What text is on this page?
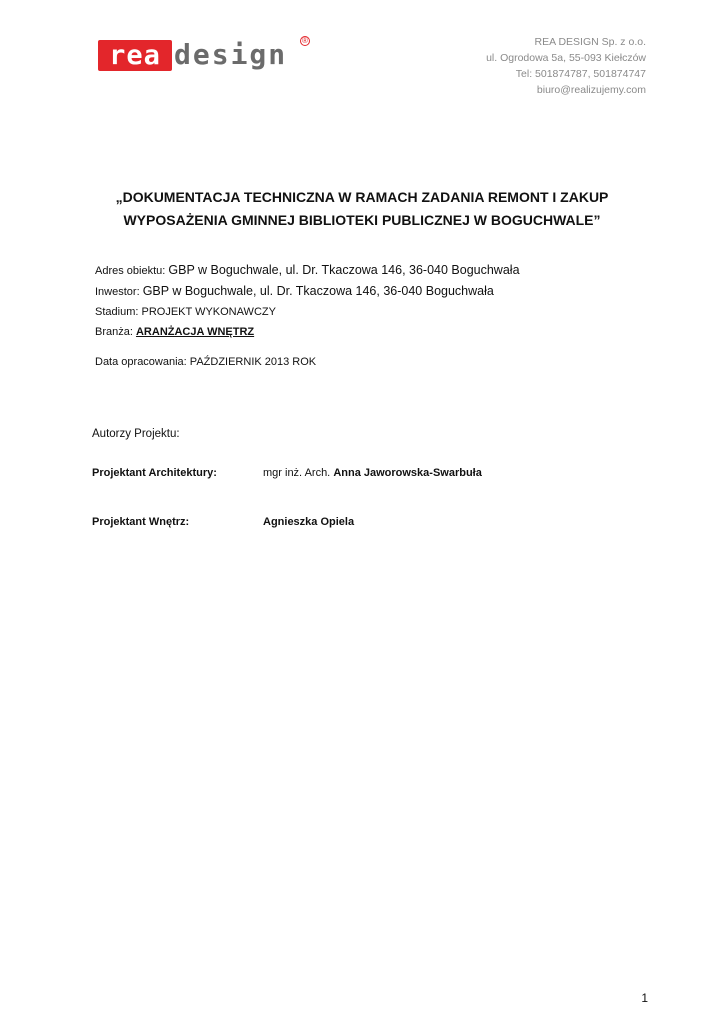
rea design ®	REA DESIGN Sp. z o.o.
ul. Ogrodowa 5a, 55-093 Kiełczów
Tel: 501874787, 501874747
biuro@realizujemy.com
„DOKUMENTACJA TECHNICZNA W RAMACH ZADANIA REMONT I ZAKUP
WYPOSAŻENIA GMINNEJ BIBLIOTEKI PUBLICZNEJ W BOGUCHWALE”
Adres obiektu: GBP w Boguchwale, ul. Dr. Tkaczowa 146, 36-040 Boguchwała
Inwestor: GBP w Boguchwale, ul. Dr. Tkaczowa 146, 36-040 Boguchwała
Stadium: PROJEKT WYKONAWCZY
Branża: ARANŻACJA WNĘTRZ
Data opracowania: PAŹDZIERNIK 2013 ROK
Autorzy Projektu:
Projektant Architektury:	mgr inż. Arch. Anna Jaworowska-Swarbuła
Projektant Wnętrz:	Agnieszka Opiela
1
